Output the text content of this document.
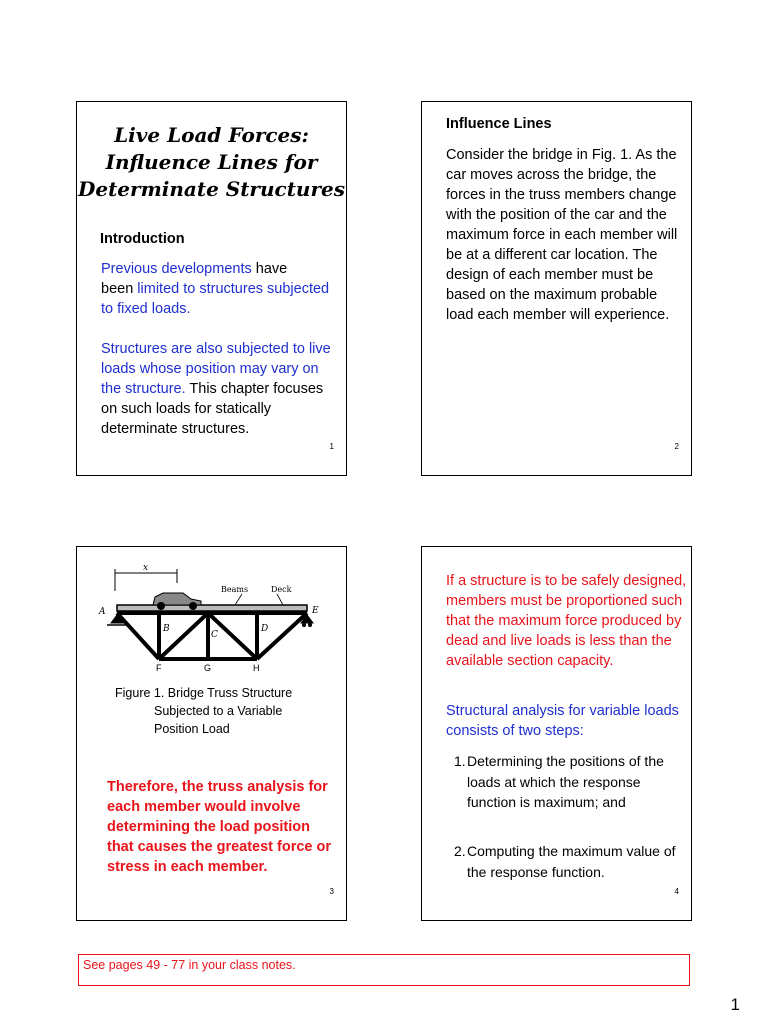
Live Load Forces:
Influence Lines for
Determinate Structures
Introduction
Previous developments have
been limited to structures subjected to fixed loads.
Structures are also subjected to live loads whose position may vary on the structure. This chapter focuses on such loads for statically determinate structures.
1
Influence Lines
Consider the bridge in Fig. 1. As the car moves across the bridge, the forces in the truss members change with the position of the car and the maximum force in each member will be at a different car location. The design of each member must be based on the maximum probable load each member will experience.
2
x
A
B
C
D
E
Beams	Deck
F	G	H
Figure 1. Bridge Truss Structure
Subjected to a Variable
Position Load
Therefore, the truss analysis for each member would involve determining the load position that causes the greatest force or stress in each member.
3
If a structure is to be safely designed, members must be proportioned such that the maximum force produced by dead and live loads is less than the available section capacity.
Structural analysis for variable loads consists of two steps:
1. Determining the positions of the loads at which the response function is maximum; and
2. Computing the maximum value of the response function.
4
See pages 49 - 77 in your class notes.
1
